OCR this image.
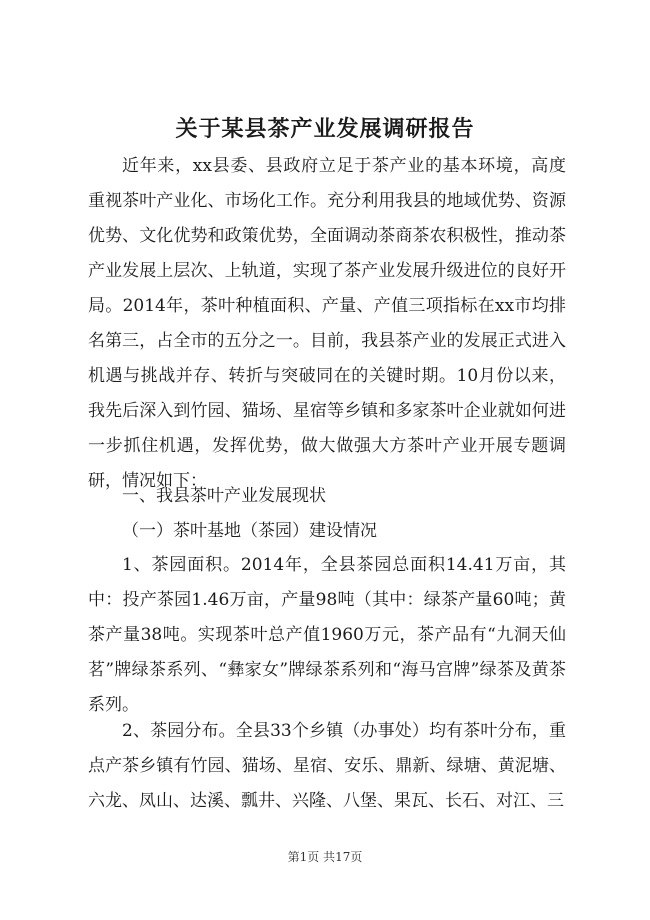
关于某县茶产业发展调研报告

近年来，xx县委、县政府立足于茶产业的基本环境，高度重视茶叶产业化、市场化工作。充分利用我县的地域优势、资源优势、文化优势和政策优势，全面调动茶商茶农积极性，推动茶产业发展上层次、上轨道，实现了茶产业发展升级进位的良好开局。2014年，茶叶种植面积、产量、产值三项指标在xx市均排名第三，占全市的五分之一。目前，我县茶产业的发展正式进入机遇与挑战并存、转折与突破同在的关键时期。10月份以来，我先后深入到竹园、猫场、星宿等乡镇和多家茶叶企业就如何进一步抓住机遇，发挥优势，做大做强大方茶叶产业开展专题调研，情况如下：

一、我县茶叶产业发展现状

（一）茶叶基地（茶园）建设情况

1、茶园面积。2014年，全县茶园总面积14.41万亩，其中：投产茶园1.46万亩，产量98吨（其中：绿茶产量60吨；黄茶产量38吨。实现茶叶总产值1960万元，茶产品有“九洞天仙茗”牌绿茶系列、“彝家女”牌绿茶系列和“海马宫牌”绿茶及黄茶系列。

2、茶园分布。全县33个乡镇（办事处）均有茶叶分布，重点产茶乡镇有竹园、猫场、星宿、安乐、鼎新、绿塘、黄泥塘、六龙、凤山、达溪、瓢井、兴隆、八堡、果瓦、长石、对江、三

第1页 共17页
